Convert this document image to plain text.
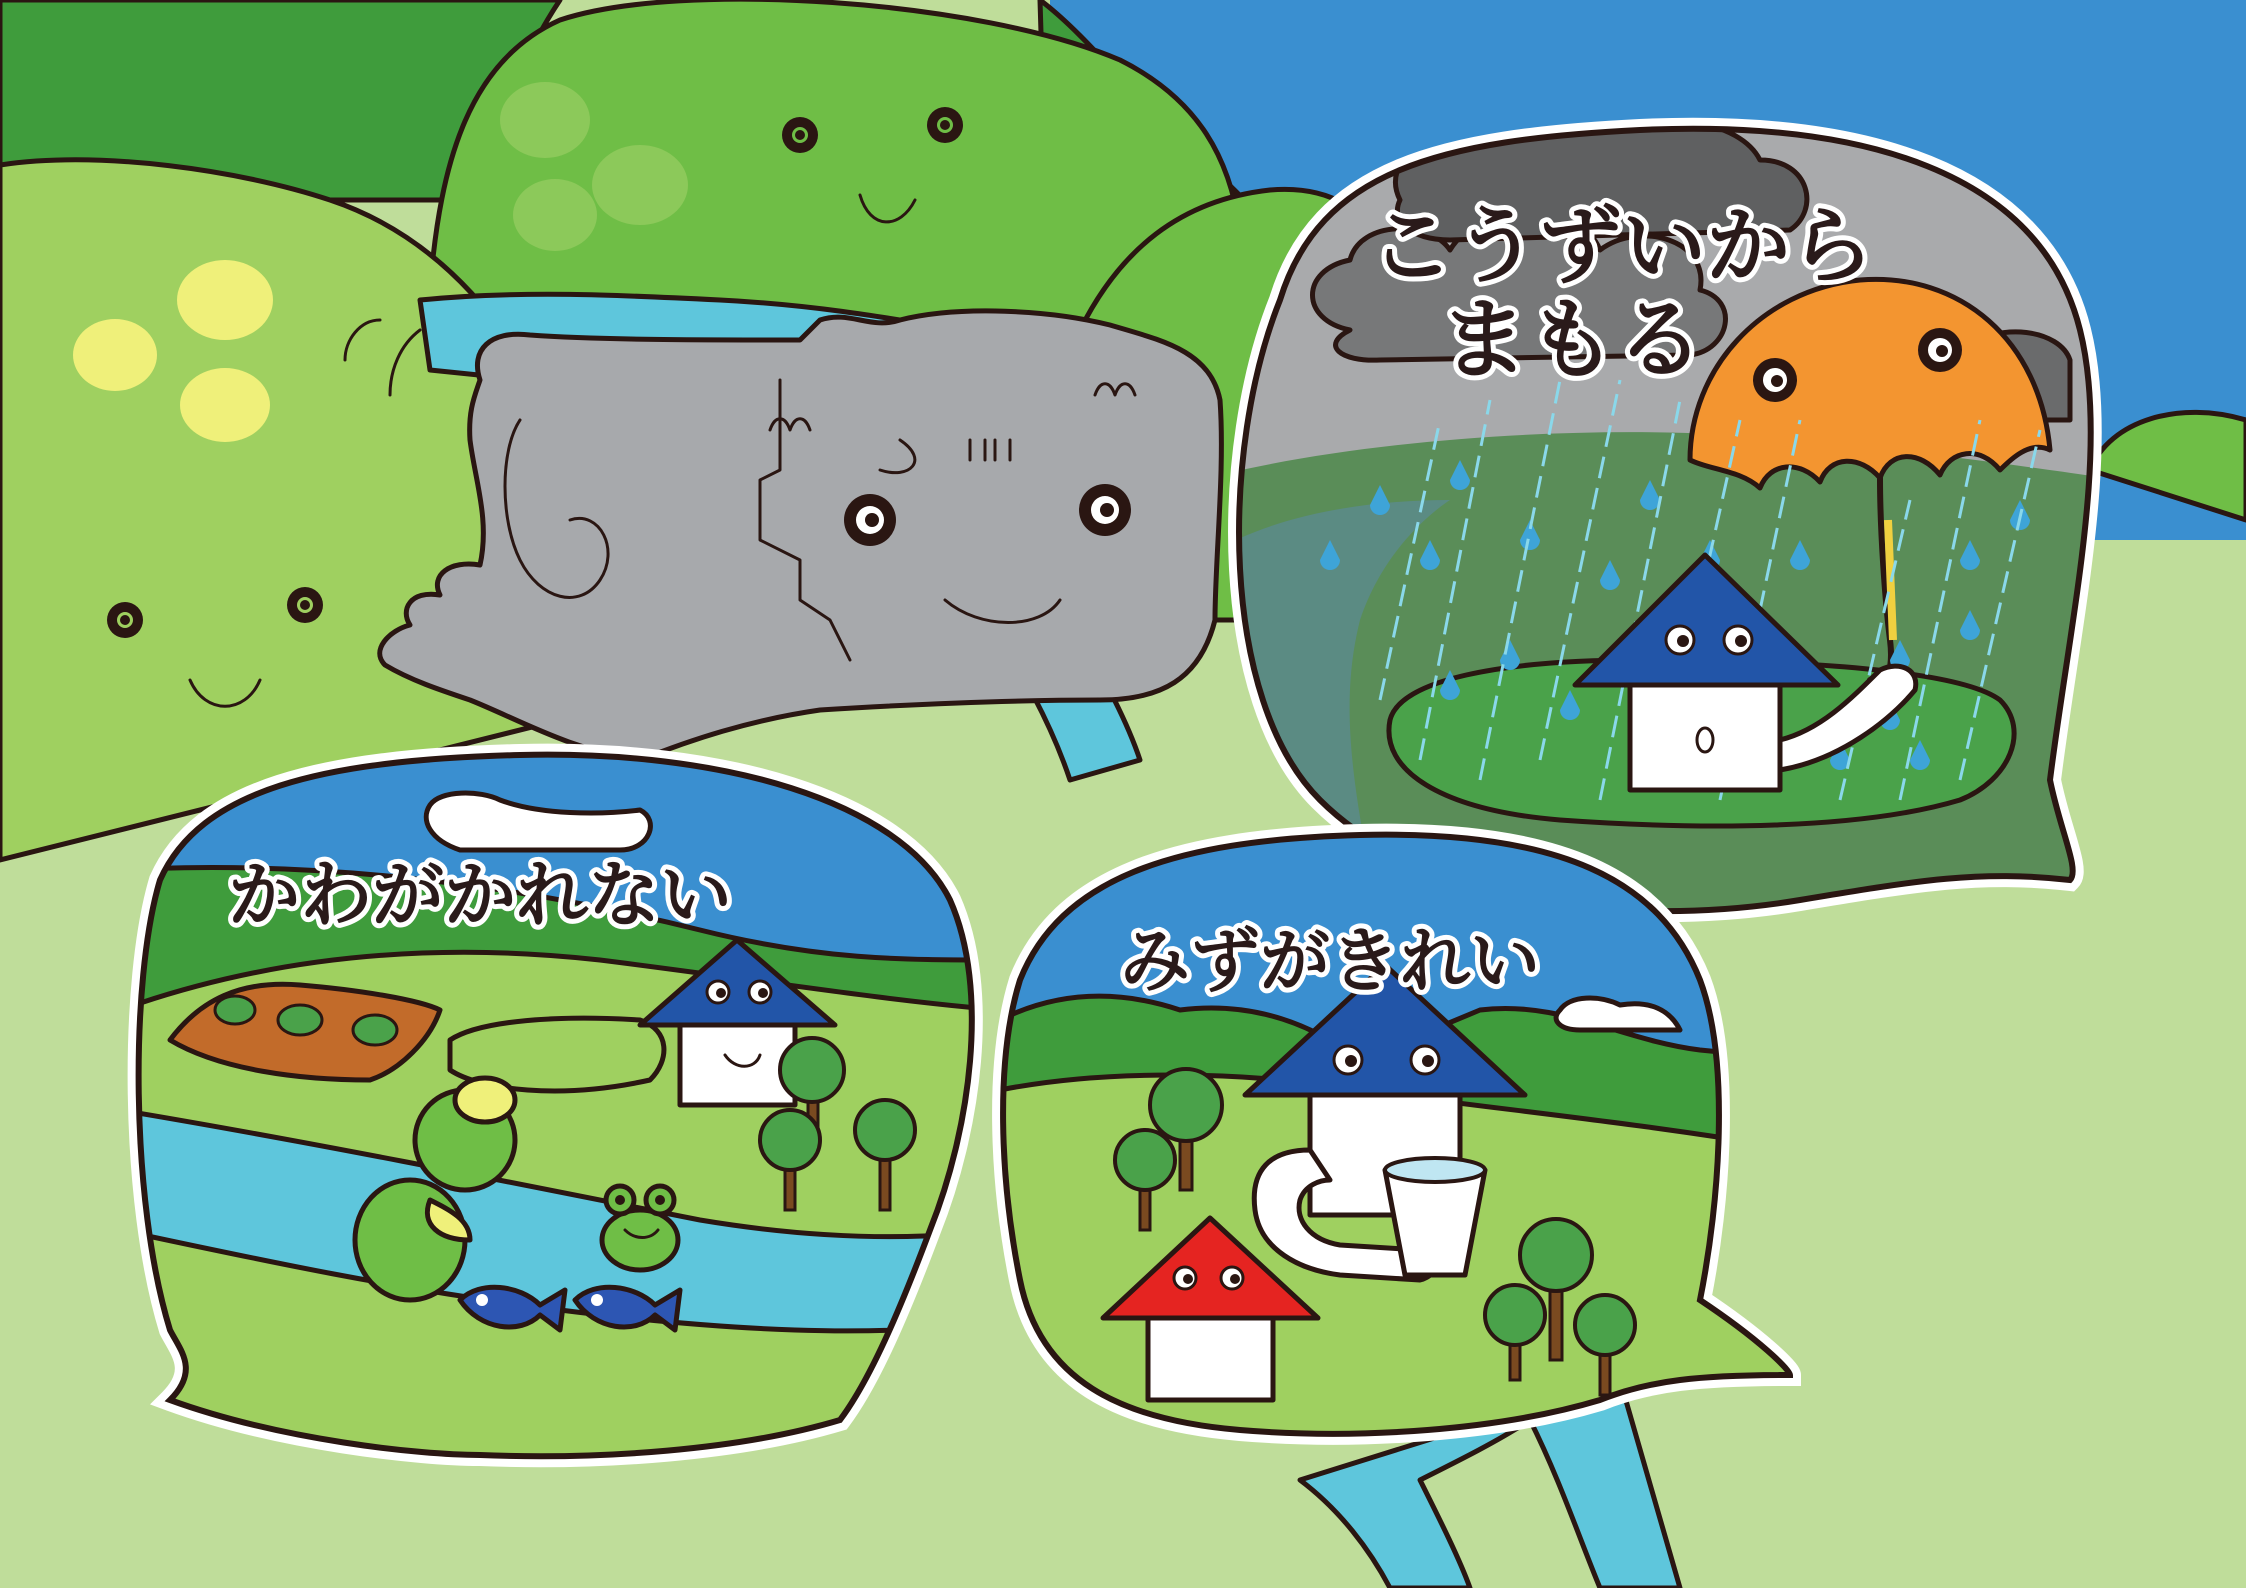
こうずいから
まもる
かわがかれない
みずがきれい
